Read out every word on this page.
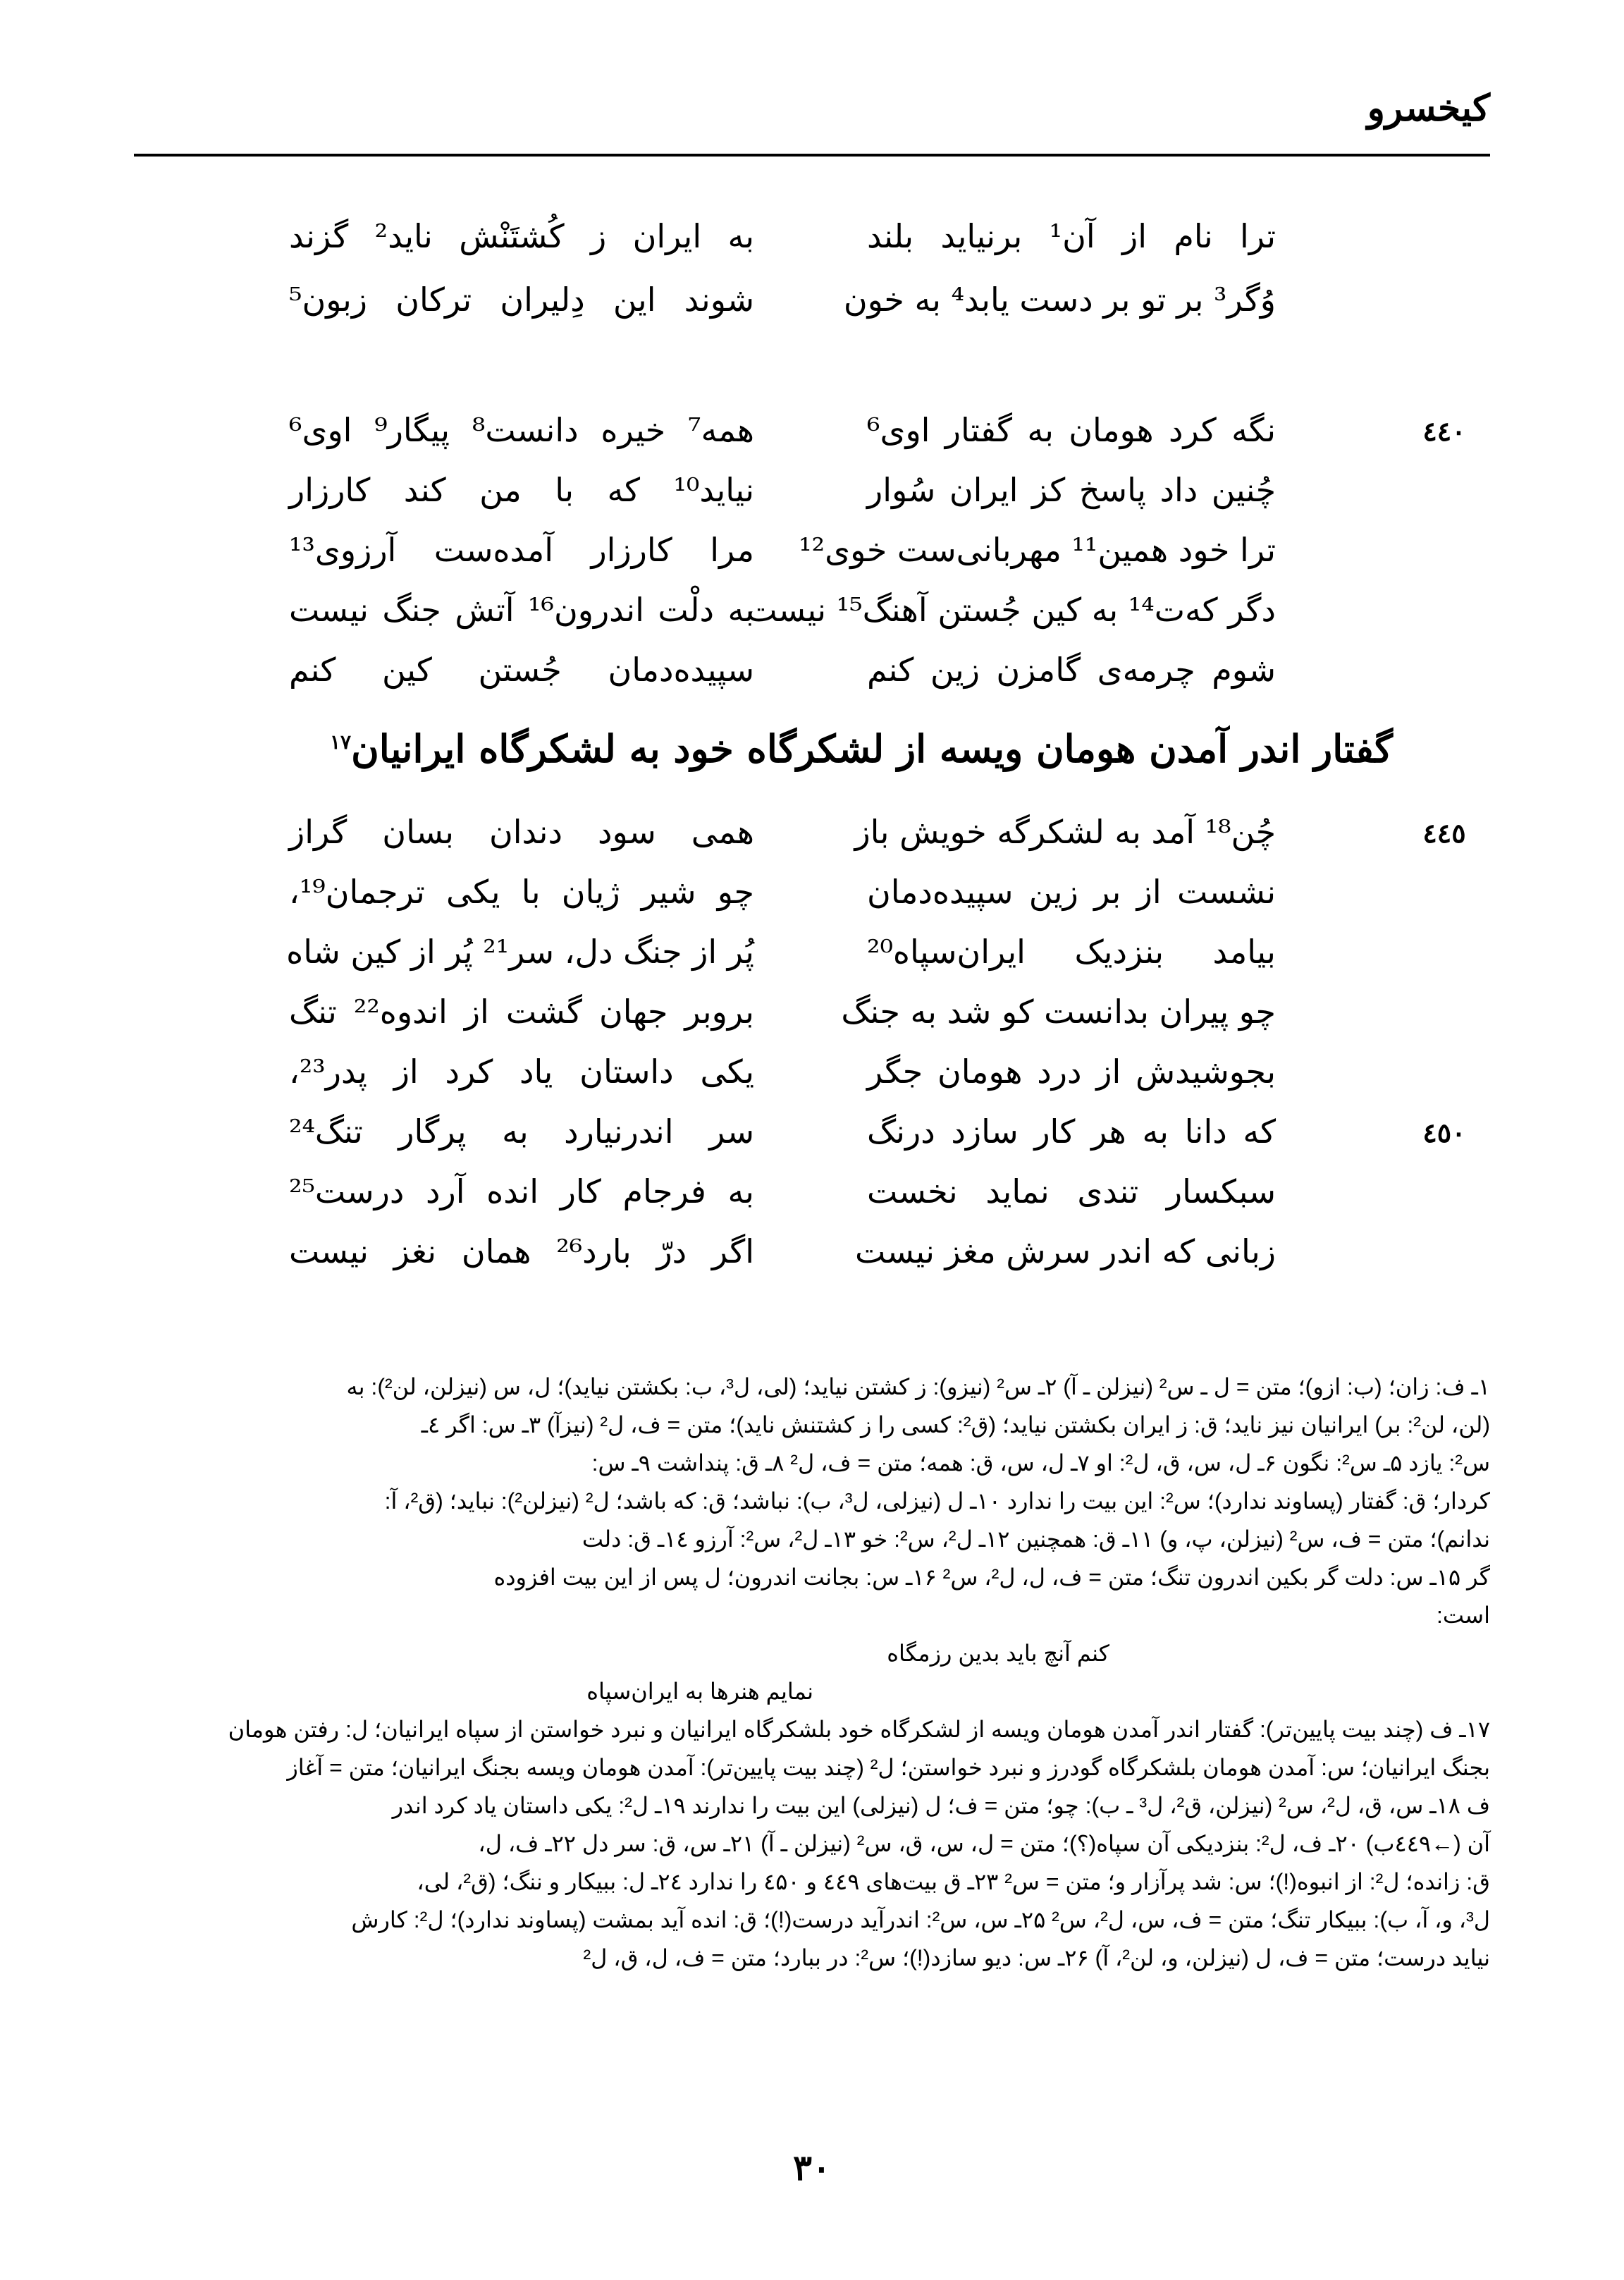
کیخسرو
ترا نام از آن¹ برنیاید بلند
به ایران ز کُشتَنْش ناید² گزند
وُگر³ بر تو بر دست یابد⁴ به خون
شوند این دِلیران ترکان زبون⁵
٤٤٠
نگه کرد هومان به گفتار اوی⁶
همه⁷ خیره دانست⁸ پیگار⁹ اوی⁶
چُنین داد پاسخ کز ایران سُوار
نیاید¹⁰ که با من کند کارزار
ترا خود همین¹¹ مهربانی‌ست خوی¹²
مرا کارزار آمده‌ست آرزوی¹³
دگر که‌ت¹⁴ به کین جُستن آهنگ¹⁵ نیست
به دلْت اندرون¹⁶ آتش جنگ نیست
شوم چرمه‌ی گامزن زین کنم
سپیده‌دمان جُستن کین کنم
گفتار اندر آمدن هومان ویسه از لشکرگاه خود به لشکرگاه ایرانیان$^{۱۷}$
٤٤٥
چُن¹⁸ آمد به لشکرگه خویش باز
همی سود دندان بسان گراز
نشست از بر زین سپیده‌دمان
چو شیر ژیان با یکی ترجمان¹⁹،
بیامد بنزدیک ایران‌سپاه²⁰
پُر از جنگ دل، سر²¹ پُر از کین شاه
چو پیران بدانست کو شد به جنگ
بروبر جهان گشت از اندوه²² تنگ
بجوشیدش از درد هومان جگر
یکی داستان یاد کرد از پدر²³،
٤٥٠
که دانا به هر کار سازد درنگ
سر اندرنیارد به پرگار تنگ²⁴
سبکسار تندی نماید نخست
به فرجام کار انده آرد درست²⁵
زبانی که اندر سرش مغز نیست
اگر درّ بارد²⁶ همان نغز نیست
۱ـ ف: زان؛ (ب: ازو)؛ متن = ل ـ س² (نیزلن ـ آ) ۲ـ س² (نیزو): ز کشتن نیاید؛ (لی، ل³، ب: بکشتن نیاید)؛ ل، س (نیزلن، لن²): به
(لن، لن²: بر) ایرانیان نیز ناید؛ ق: ز ایران بکشتن نیاید؛ (ق²: کسی را ز کشتنش ناید)؛ متن = ف، ل² (نیزآ) ۳ـ س: اگر ٤ـ
س²: یازد ۵ـ س²: نگون ۶ـ ل، س، ق، ل²: او ۷ـ ل، س، ق: همه؛ متن = ف، ل² ۸ـ ق: پنداشت ۹ـ س:
کردار؛ ق: گفتار (پساوند ندارد)؛ س²: این بیت را ندارد ۱۰ـ ل (نیزلی، ل³، ب): نباشد؛ ق: که باشد؛ ل² (نیزلن²): نباید؛ (ق²، آ:
ندانم)؛ متن = ف، س² (نیزلن، پ، و) ۱۱ـ ق: همچنین ۱۲ـ ل²، س²: خو ۱۳ـ ل²، س²: آرزو ۱٤ـ ق: دلت
گر ۱۵ـ س: دلت گر بکین اندرون تنگ؛ متن = ف، ل، ل²، س² ۱۶ـ س: بجانت اندرون؛ ل پس از این بیت افزوده
است:
کنم آنچ باید بدین رزمگاه
نمایم هنرها به ایران‌سپاه
۱۷ـ ف (چند بیت پایین‌تر): گفتار اندر آمدن هومان ویسه از لشکرگاه خود بلشکرگاه ایرانیان و نبرد خواستن از سپاه ایرانیان؛ ل: رفتن هومان
بجنگ ایرانیان؛ س: آمدن هومان بلشکرگاه گودرز و نبرد خواستن؛ ل² (چند بیت پایین‌تر): آمدن هومان ویسه بجنگ ایرانیان؛ متن = آغاز
ف ۱۸ـ س، ق، ل²، س² (نیزلن، ق²، ل³ ـ ب): چو؛ متن = ف؛ ل (نیزلی) این بیت را ندارند ۱۹ـ ل²: یکی داستان یاد کرد اندر
آن (←٤٤۹ب) ۲۰ـ ف، ل²: بنزدیکی آن سپاه(؟)؛ متن = ل، س، ق، س² (نیزلن ـ آ) ۲۱ـ س، ق: سر دل ۲۲ـ ف، ل،
ق: زانده؛ ل²: از انبوه(!)؛ س: شد پرآزار و؛ متن = س² ۲۳ـ ق بیت‌های ٤٤۹ و ٤۵۰ را ندارد ۲٤ـ ل: ببیکار و ننگ؛ (ق²، لی،
ل³، و، آ، ب): ببیکار تنگ؛ متن = ف، س، ل²، س² ۲۵ـ س، س²: اندرآید درست(!)؛ ق: انده آید بمشت (پساوند ندارد)؛ ل²: کارش
نیاید درست؛ متن = ف، ل (نیزلن، و، لن²، آ) ۲۶ـ س: دیو سازد(!)؛ س²: در ببارد؛ متن = ف، ل، ق، ل²
۳۰
